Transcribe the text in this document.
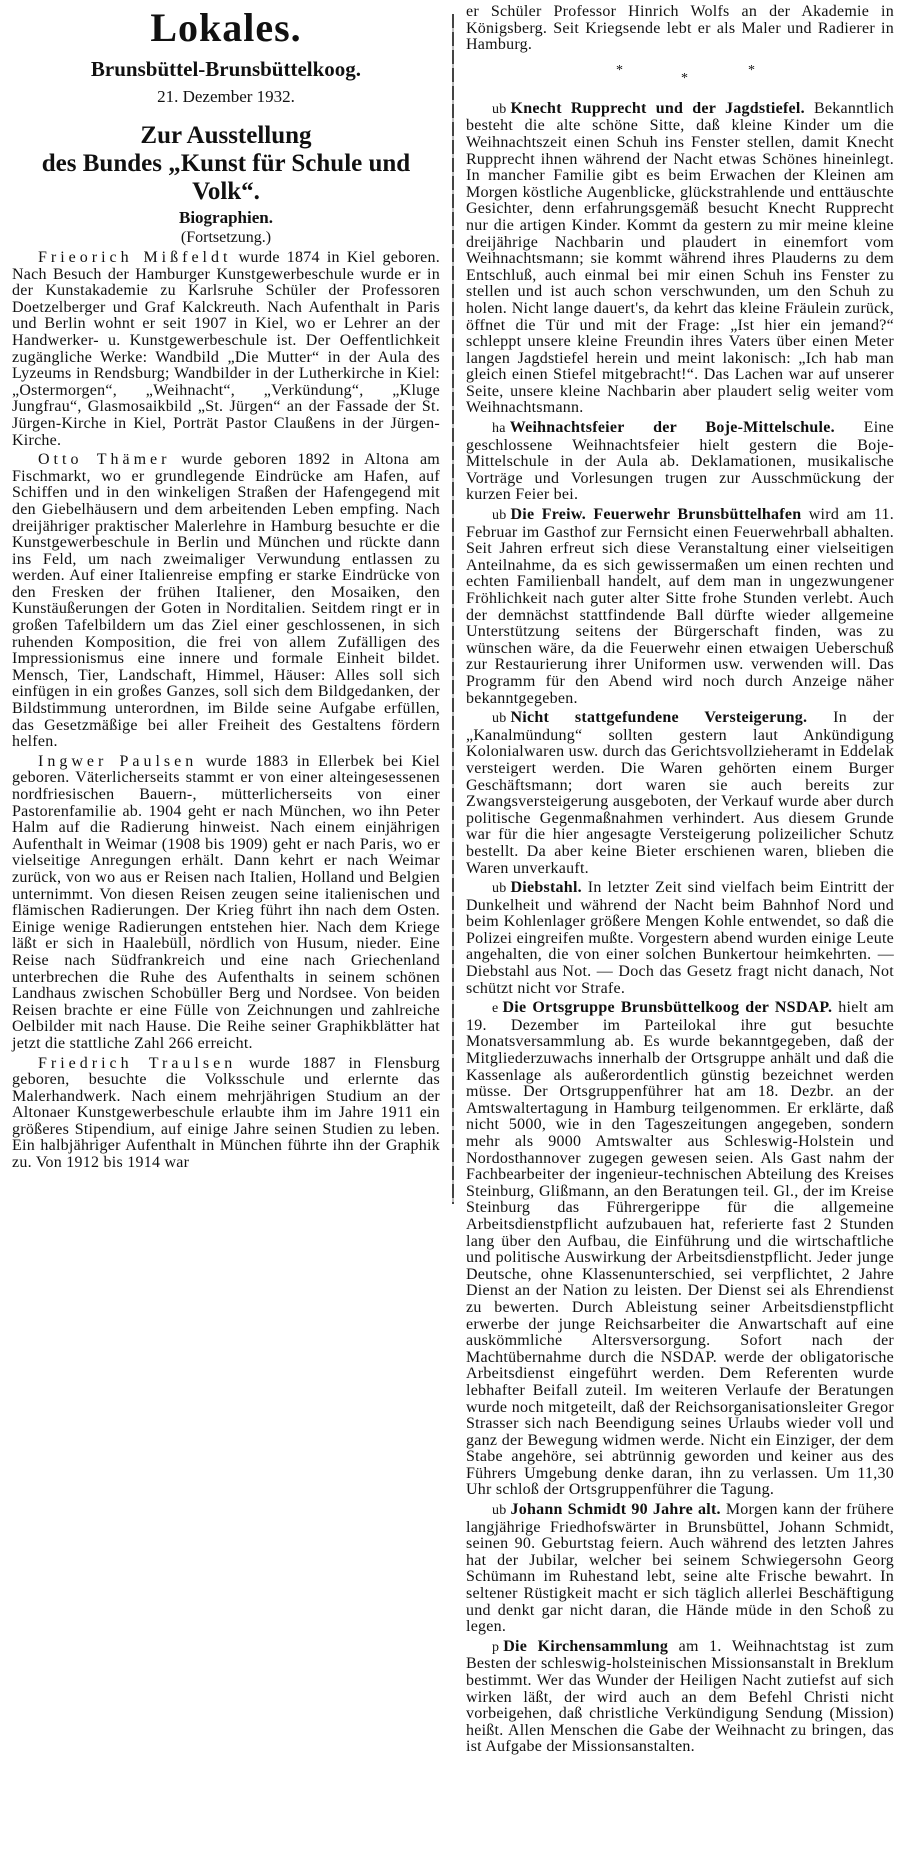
Lokales.
Brunsbüttel-Brunsbüttelkoog.
21. Dezember 1932.
Zur Ausstellung
des Bundes „Kunst für Schule und Volk“.
Biographien.
(Fortsetzung.)

Frieorich Mißfeldt wurde 1874 in Kiel geboren. Nach Besuch der Hamburger Kunstgewerbeschule wurde er in der Kunstakademie zu Karlsruhe Schüler der Professoren Doetzelberger und Graf Kalckreuth. Nach Aufenthalt in Paris und Berlin wohnt er seit 1907 in Kiel, wo er Lehrer an der Handwerker- u. Kunstgewerbeschule ist. Der Oeffentlichkeit zugängliche Werke: Wandbild „Die Mutter“ in der Aula des Lyzeums in Rendsburg; Wandbilder in der Lutherkirche in Kiel: „Ostermorgen“, „Weihnacht“, „Verkündung“, „Kluge Jungfrau“, Glasmosaikbild „St. Jürgen“ an der Fassade der St. Jürgen-Kirche in Kiel, Porträt Pastor Claußens in der Jürgen-Kirche.

Otto Thämer wurde geboren 1892 in Altona am Fischmarkt, wo er grundlegende Eindrücke am Hafen, auf Schiffen und in den winkeligen Straßen der Hafengegend mit den Giebelhäusern und dem arbeitenden Leben empfing. Nach dreijähriger praktischer Malerlehre in Hamburg besuchte er die Kunstgewerbeschule in Berlin und München und rückte dann ins Feld, um nach zweimaliger Verwundung entlassen zu werden. Auf einer Italienreise empfing er starke Eindrücke von den Fresken der frühen Italiener, den Mosaiken, den Kunstäußerungen der Goten in Norditalien. Seitdem ringt er in großen Tafelbildern um das Ziel einer geschlossenen, in sich ruhenden Komposition, die frei von allem Zufälligen des Impressionismus eine innere und formale Einheit bildet. Mensch, Tier, Landschaft, Himmel, Häuser: Alles soll sich einfügen in ein großes Ganzes, soll sich dem Bildgedanken, der Bildstimmung unterordnen, im Bilde seine Aufgabe erfüllen, das Gesetzmäßige bei aller Freiheit des Gestaltens fördern helfen.

Ingwer Paulsen wurde 1883 in Ellerbek bei Kiel geboren. Väterlicherseits stammt er von einer alteingesessenen nordfriesischen Bauern-, mütterlicherseits von einer Pastorenfamilie ab. 1904 geht er nach München, wo ihn Peter Halm auf die Radierung hinweist. Nach einem einjährigen Aufenthalt in Weimar (1908 bis 1909) geht er nach Paris, wo er vielseitige Anregungen erhält. Dann kehrt er nach Weimar zurück, von wo aus er Reisen nach Italien, Holland und Belgien unternimmt. Von diesen Reisen zeugen seine italienischen und flämischen Radierungen. Der Krieg führt ihn nach dem Osten. Einige wenige Radierungen entstehen hier. Nach dem Kriege läßt er sich in Haalebüll, nördlich von Husum, nieder. Eine Reise nach Südfrankreich und eine nach Griechenland unterbrechen die Ruhe des Aufenthalts in seinem schönen Landhaus zwischen Schobüller Berg und Nordsee. Von beiden Reisen brachte er eine Fülle von Zeichnungen und zahlreiche Oelbilder mit nach Hause. Die Reihe seiner Graphikblätter hat jetzt die stattliche Zahl 266 erreicht.

Friedrich Traulsen wurde 1887 in Flensburg geboren, besuchte die Volksschule und erlernte das Malerhandwerk. Nach einem mehrjährigen Studium an der Altonaer Kunstgewerbeschule erlaubte ihm im Jahre 1911 ein größeres Stipendium, auf einige Jahre seinen Studien zu leben. Ein halbjähriger Aufenthalt in München führte ihn der Graphik zu. Von 1912 bis 1914 war

er Schüler Professor Hinrich Wolfs an der Akademie in Königsberg. Seit Kriegsende lebt er als Maler und Radierer in Hamburg.

*
*
*

ub Knecht Rupprecht und der Jagdstiefel. Bekanntlich besteht die alte schöne Sitte, daß kleine Kinder um die Weihnachtszeit einen Schuh ins Fenster stellen, damit Knecht Rupprecht ihnen während der Nacht etwas Schönes hineinlegt. In mancher Familie gibt es beim Erwachen der Kleinen am Morgen köstliche Augenblicke, glückstrahlende und enttäuschte Gesichter, denn erfahrungsgemäß besucht Knecht Rupprecht nur die artigen Kinder. Kommt da gestern zu mir meine kleine dreijährige Nachbarin und plaudert in einemfort vom Weihnachtsmann; sie kommt während ihres Plauderns zu dem Entschluß, auch einmal bei mir einen Schuh ins Fenster zu stellen und ist auch schon verschwunden, um den Schuh zu holen. Nicht lange dauert's, da kehrt das kleine Fräulein zurück, öffnet die Tür und mit der Frage: „Ist hier ein jemand?“ schleppt unsere kleine Freundin ihres Vaters über einen Meter langen Jagdstiefel herein und meint lakonisch: „Ich hab man gleich einen Stiefel mitgebracht!“. Das Lachen war auf unserer Seite, unsere kleine Nachbarin aber plaudert selig weiter vom Weihnachtsmann.

ha Weihnachtsfeier der Boje-Mittelschule. Eine geschlossene Weihnachtsfeier hielt gestern die Boje-Mittelschule in der Aula ab. Deklamationen, musikalische Vorträge und Vorlesungen trugen zur Ausschmückung der kurzen Feier bei.

ub Die Freiw. Feuerwehr Brunsbüttelhafen wird am 11. Februar im Gasthof zur Fernsicht einen Feuerwehrball abhalten. Seit Jahren erfreut sich diese Veranstaltung einer vielseitigen Anteilnahme, da es sich gewissermaßen um einen rechten und echten Familienball handelt, auf dem man in ungezwungener Fröhlichkeit nach guter alter Sitte frohe Stunden verlebt. Auch der demnächst stattfindende Ball dürfte wieder allgemeine Unterstützung seitens der Bürgerschaft finden, was zu wünschen wäre, da die Feuerwehr einen etwaigen Ueberschuß zur Restaurierung ihrer Uniformen usw. verwenden will. Das Programm für den Abend wird noch durch Anzeige näher bekanntgegeben.

ub Nicht stattgefundene Versteigerung. In der „Kanalmündung“ sollten gestern laut Ankündigung Kolonialwaren usw. durch das Gerichtsvollzieheramt in Eddelak versteigert werden. Die Waren gehörten einem Burger Geschäftsmann; dort waren sie auch bereits zur Zwangsversteigerung ausgeboten, der Verkauf wurde aber durch politische Gegenmaßnahmen verhindert. Aus diesem Grunde war für die hier angesagte Versteigerung polizeilicher Schutz bestellt. Da aber keine Bieter erschienen waren, blieben die Waren unverkauft.

ub Diebstahl. In letzter Zeit sind vielfach beim Eintritt der Dunkelheit und während der Nacht beim Bahnhof Nord und beim Kohlenlager größere Mengen Kohle entwendet, so daß die Polizei eingreifen mußte. Vorgestern abend wurden einige Leute angehalten, die von einer solchen Bunkertour heimkehrten. — Diebstahl aus Not. — Doch das Gesetz fragt nicht danach, Not schützt nicht vor Strafe.

e Die Ortsgruppe Brunsbüttelkoog der NSDAP. hielt am 19. Dezember im Parteilokal ihre gut besuchte Monatsversammlung ab. Es wurde bekanntgegeben, daß der Mitgliederzuwachs innerhalb der Ortsgruppe anhält und daß die Kassenlage als außerordentlich günstig bezeichnet werden müsse. Der Ortsgruppenführer hat am 18. Dezbr. an der Amtswaltertagung in Hamburg teilgenommen. Er erklärte, daß nicht 5000, wie in den Tageszeitungen angegeben, sondern mehr als 9000 Amtswalter aus Schleswig-Holstein und Nordosthannover zugegen gewesen seien. Als Gast nahm der Fachbearbeiter der ingenieur-technischen Abteilung des Kreises Steinburg, Glißmann, an den Beratungen teil. Gl., der im Kreise Steinburg das Führergerippe für die allgemeine Arbeitsdienstpflicht aufzubauen hat, referierte fast 2 Stunden lang über den Aufbau, die Einführung und die wirtschaftliche und politische Auswirkung der Arbeitsdienstpflicht. Jeder junge Deutsche, ohne Klassenunterschied, sei verpflichtet, 2 Jahre Dienst an der Nation zu leisten. Der Dienst sei als Ehrendienst zu bewerten. Durch Ableistung seiner Arbeitsdienstpflicht erwerbe der junge Reichsarbeiter die Anwartschaft auf eine auskömmliche Altersversorgung. Sofort nach der Machtübernahme durch die NSDAP. werde der obligatorische Arbeitsdienst eingeführt werden. Dem Referenten wurde lebhafter Beifall zuteil. Im weiteren Verlaufe der Beratungen wurde noch mitgeteilt, daß der Reichsorganisationsleiter Gregor Strasser sich nach Beendigung seines Urlaubs wieder voll und ganz der Bewegung widmen werde. Nicht ein Einziger, der dem Stabe angehöre, sei abtrünnig geworden und keiner aus des Führers Umgebung denke daran, ihn zu verlassen. Um 11,30 Uhr schloß der Ortsgruppenführer die Tagung.

ub Johann Schmidt 90 Jahre alt. Morgen kann der frühere langjährige Friedhofswärter in Brunsbüttel, Johann Schmidt, seinen 90. Geburtstag feiern. Auch während des letzten Jahres hat der Jubilar, welcher bei seinem Schwiegersohn Georg Schümann im Ruhestand lebt, seine alte Frische bewahrt. In seltener Rüstigkeit macht er sich täglich allerlei Beschäftigung und denkt gar nicht daran, die Hände müde in den Schoß zu legen.

p Die Kirchensammlung am 1. Weihnachtstag ist zum Besten der schleswig-holsteinischen Missionsanstalt in Breklum bestimmt. Wer das Wunder der Heiligen Nacht zutiefst auf sich wirken läßt, der wird auch an dem Befehl Christi nicht vorbeigehen, daß christliche Verkündigung Sendung (Mission) heißt. Allen Menschen die Gabe der Weihnacht zu bringen, das ist Aufgabe der Missionsanstalten.
